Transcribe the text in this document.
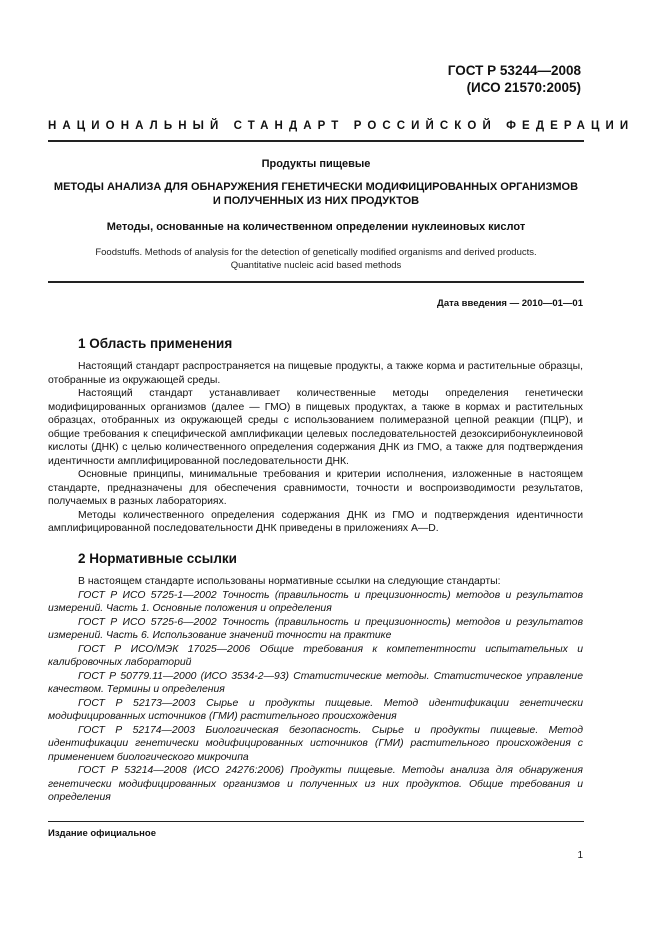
ГОСТ Р 53244—2008
(ИСО 21570:2005)
НАЦИОНАЛЬНЫЙ СТАНДАРТ РОССИЙСКОЙ ФЕДЕРАЦИИ
Продукты пищевые
МЕТОДЫ АНАЛИЗА ДЛЯ ОБНАРУЖЕНИЯ ГЕНЕТИЧЕСКИ МОДИФИЦИРОВАННЫХ ОРГАНИЗМОВ
И ПОЛУЧЕННЫХ ИЗ НИХ ПРОДУКТОВ
Методы, основанные на количественном определении нуклеиновых кислот
Foodstuffs. Methods of analysis for the detection of genetically modified organisms and derived products.
Quantitative nucleic acid based methods
Дата введения — 2010—01—01
1 Область применения

Настоящий стандарт распространяется на пищевые продукты, а также корма и растительные образцы, отобранные из окружающей среды.

Настоящий стандарт устанавливает количественные методы определения генетически модифицированных организмов (далее — ГМО) в пищевых продуктах, а также в кормах и растительных образцах, отобранных из окружающей среды с использованием полимеразной цепной реакции (ПЦР), и общие требования к специфической амплификации целевых последовательностей дезоксирибонуклеиновой кислоты (ДНК) с целью количественного определения содержания ДНК из ГМО, а также для подтверждения идентичности амплифицированной последовательности ДНК.

Основные принципы, минимальные требования и критерии исполнения, изложенные в настоящем стандарте, предназначены для обеспечения сравнимости, точности и воспроизводимости результатов, получаемых в разных лабораториях.

Методы количественного определения содержания ДНК из ГМО и подтверждения идентичности амплифицированной последовательности ДНК приведены в приложениях А—D.

2 Нормативные ссылки

В настоящем стандарте использованы нормативные ссылки на следующие стандарты:

ГОСТ Р ИСО 5725-1—2002 Точность (правильность и прецизионность) методов и результатов измерений. Часть 1. Основные положения и определения

ГОСТ Р ИСО 5725-6—2002 Точность (правильность и прецизионность) методов и результатов измерений. Часть 6. Использование значений точности на практике

ГОСТ Р ИСО/МЭК 17025—2006 Общие требования к компетентности испытательных и калибровочных лабораторий

ГОСТ Р 50779.11—2000 (ИСО 3534-2—93) Статистические методы. Статистическое управление качеством. Термины и определения

ГОСТ Р 52173—2003 Сырье и продукты пищевые. Метод идентификации генетически модифицированных источников (ГМИ) растительного происхождения

ГОСТ Р 52174—2003 Биологическая безопасность. Сырье и продукты пищевые. Метод идентификации генетически модифицированных источников (ГМИ) растительного происхождения с применением биологического микрочипа

ГОСТ Р 53214—2008 (ИСО 24276:2006) Продукты пищевые. Методы анализа для обнаружения генетически модифицированных организмов и полученных из них продуктов. Общие требования и определения

Издание официальное
1
